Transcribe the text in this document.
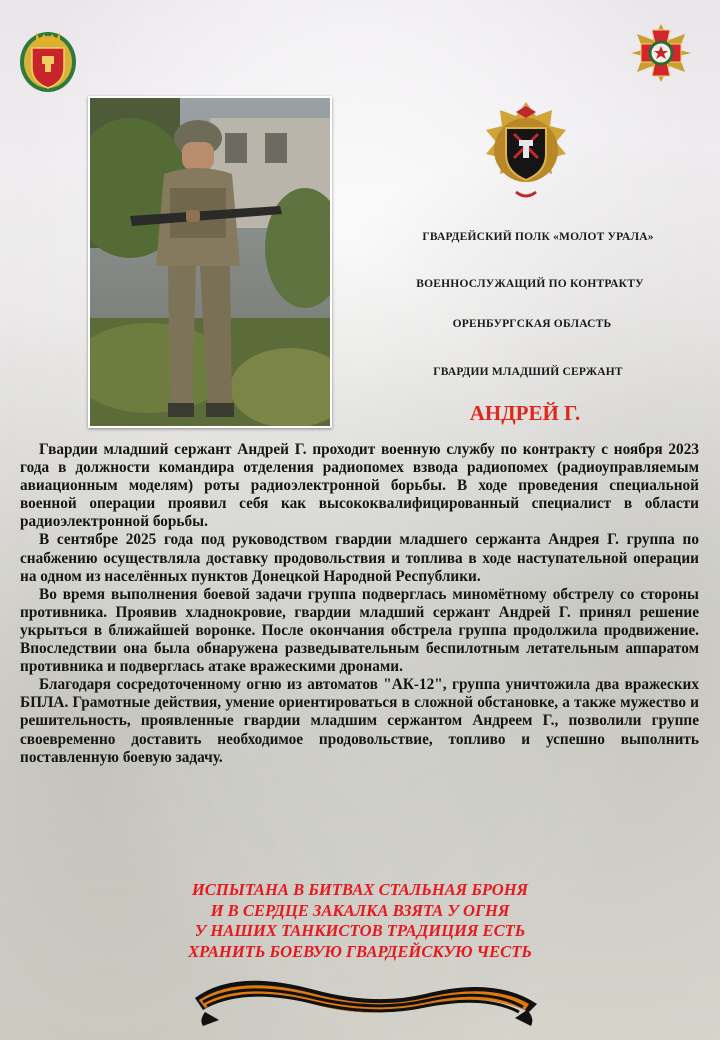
ГВАРДЕЙСКИЙ ПОЛК «МОЛОТ УРАЛА»
ВОЕННОСЛУЖАЩИЙ ПО КОНТРАКТУ
ОРЕНБУРГСКАЯ ОБЛАСТЬ
ГВАРДИИ МЛАДШИЙ СЕРЖАНТ
АНДРЕЙ Г.

Гвардии младший сержант Андрей Г. проходит военную службу по контракту с ноября 2023 года в должности командира отделения радиопомех взвода радиопомех (радиоуправляемым авиационным моделям) роты радиоэлектронной борьбы. В ходе проведения специальной военной операции проявил себя как высококвалифицированный специалист в области радиоэлектронной борьбы.

В сентябре 2025 года под руководством гвардии младшего сержанта Андрея Г. группа по снабжению осуществляла доставку продовольствия и топлива в ходе наступательной операции на одном из населённых пунктов Донецкой Народной Республики.

Во время выполнения боевой задачи группа подверглась миномётному обстрелу со стороны противника. Проявив хладнокровие, гвардии младший сержант Андрей Г. принял решение укрыться в ближайшей воронке. После окончания обстрела группа продолжила продвижение. Впоследствии она была обнаружена разведывательным беспилотным летательным аппаратом противника и подверглась атаке вражескими дронами.

Благодаря сосредоточенному огню из автоматов "АК-12", группа уничтожила два вражеских БПЛА. Грамотные действия, умение ориентироваться в сложной обстановке, а также мужество и решительность, проявленные гвардии младшим сержантом Андреем Г., позволили группе своевременно доставить необходимое продовольствие, топливо и успешно выполнить поставленную боевую задачу.

ИСПЫТАНА В БИТВАХ СТАЛЬНАЯ БРОНЯ
И В СЕРДЦЕ ЗАКАЛКА ВЗЯТА У ОГНЯ
У НАШИХ ТАНКИСТОВ ТРАДИЦИЯ ЕСТЬ
ХРАНИТЬ БОЕВУЮ ГВАРДЕЙСКУЮ ЧЕСТЬ
